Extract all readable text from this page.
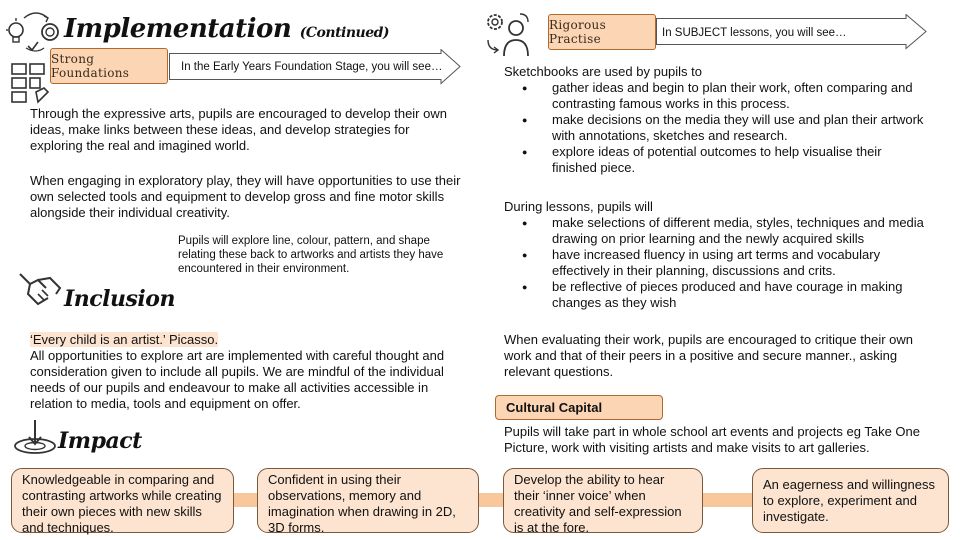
Implementation (Continued)
Strong Foundations	In the Early Years Foundation Stage, you will see…
Through the expressive arts, pupils are encouraged to develop their own ideas, make links between these ideas, and develop strategies for exploring the real and imagined world.
When engaging in exploratory play, they will have opportunities to use their own selected tools and equipment to develop gross and fine motor skills alongside their individual creativity.
Pupils will explore line, colour, pattern, and shape relating these back to artworks and artists they have encountered in their environment.
Inclusion
‘Every child is an artist.’ Picasso.
All opportunities to explore art are implemented with careful thought and consideration given to include all pupils. We are mindful of the individual needs of our pupils and endeavour to make all activities accessible in relation to media, tools and equipment on offer.
Impact
Rigorous Practise	In SUBJECT lessons, you will see…
Sketchbooks are used by pupils to
● gather ideas and begin to plan their work, often comparing and contrasting famous works in this process.
● make decisions on the media they will use and plan their artwork with annotations, sketches and research.
● explore ideas of potential outcomes to help visualise their finished piece.
During lessons, pupils will
● make selections of different media, styles, techniques and media drawing on prior learning and the newly acquired skills
● have increased fluency in using art terms and vocabulary effectively in their planning, discussions and crits.
● be reflective of pieces produced and have courage in making changes as they wish
When evaluating their work, pupils are encouraged to critique their own work and that of their peers in a positive and secure manner., asking relevant questions.
Cultural Capital
Pupils will take part in whole school art events and projects eg Take One Picture, work with visiting artists and make visits to art galleries.
Knowledgeable in comparing and contrasting artworks while creating their own pieces with new skills and techniques.
Confident in using their observations, memory and imagination when drawing in 2D, 3D forms.
Develop the ability to hear their ‘inner voice’ when creativity and self-expression is at the fore.
An eagerness and willingness to explore, experiment and investigate.
